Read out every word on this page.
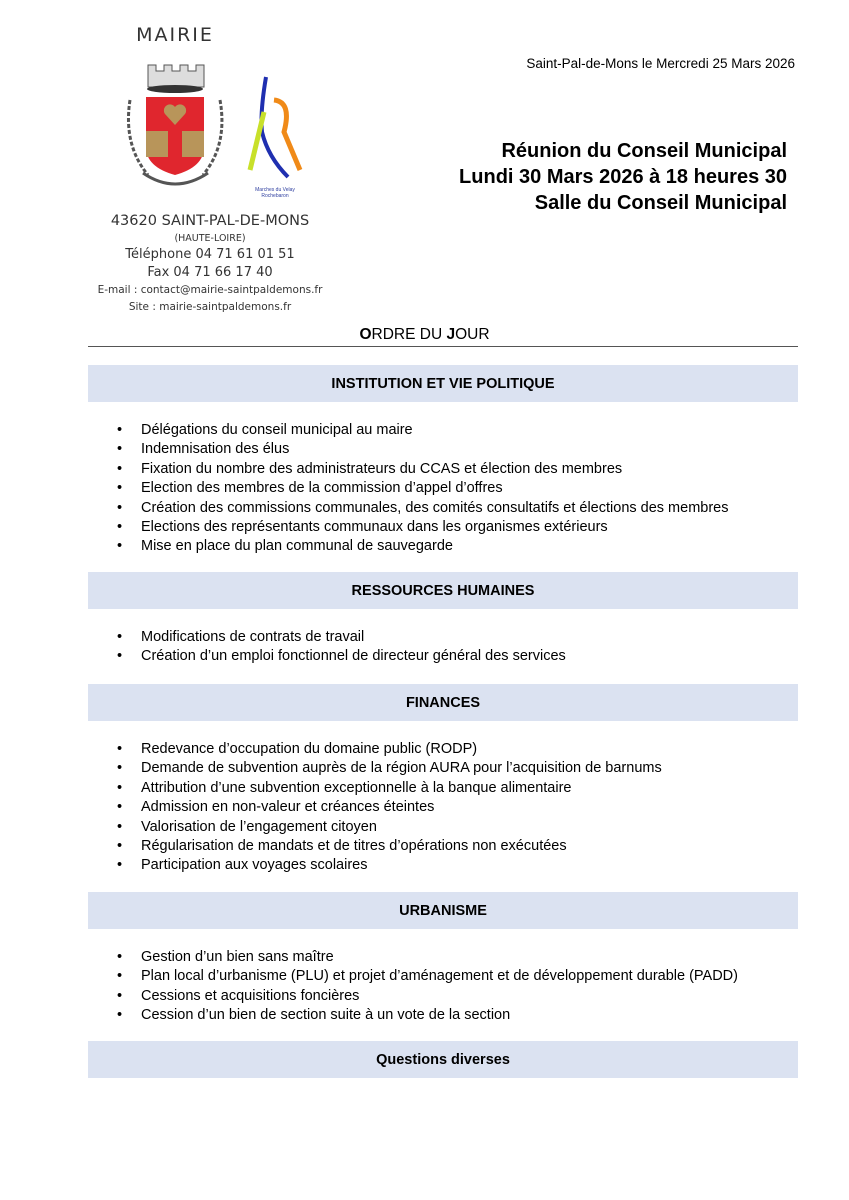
MAIRIE
Marches du Velay Rochebaron
43620 SAINT-PAL-DE-MONS
(HAUTE-LOIRE)
Téléphone 04 71 61 01 51
Fax 04 71 66 17 40
E-mail : contact@mairie-saintpaldemons.fr
Site : mairie-saintpaldemons.fr
Saint-Pal-de-Mons le Mercredi 25 Mars 2026
Réunion du Conseil Municipal
Lundi 30 Mars 2026 à 18 heures 30
Salle du Conseil Municipal
ORDRE DU JOUR
INSTITUTION ET VIE POLITIQUE
• Délégations du conseil municipal au maire
• Indemnisation des élus
• Fixation du nombre des administrateurs du CCAS et élection des membres
• Election des membres de la commission d’appel d’offres
• Création des commissions communales, des comités consultatifs et élections des membres
• Elections des représentants communaux dans les organismes extérieurs
• Mise en place du plan communal de sauvegarde
RESSOURCES HUMAINES
• Modifications de contrats de travail
• Création d’un emploi fonctionnel de directeur général des services
FINANCES
• Redevance d’occupation du domaine public (RODP)
• Demande de subvention auprès de la région AURA pour l’acquisition de barnums
• Attribution d’une subvention exceptionnelle à la banque alimentaire
• Admission en non-valeur et créances éteintes
• Valorisation de l’engagement citoyen
• Régularisation de mandats et de titres d’opérations non exécutées
• Participation aux voyages scolaires
URBANISME
• Gestion d’un bien sans maître
• Plan local d’urbanisme (PLU) et projet d’aménagement et de développement durable (PADD)
• Cessions et acquisitions foncières
• Cession d’un bien de section suite à un vote de la section
Questions diverses
